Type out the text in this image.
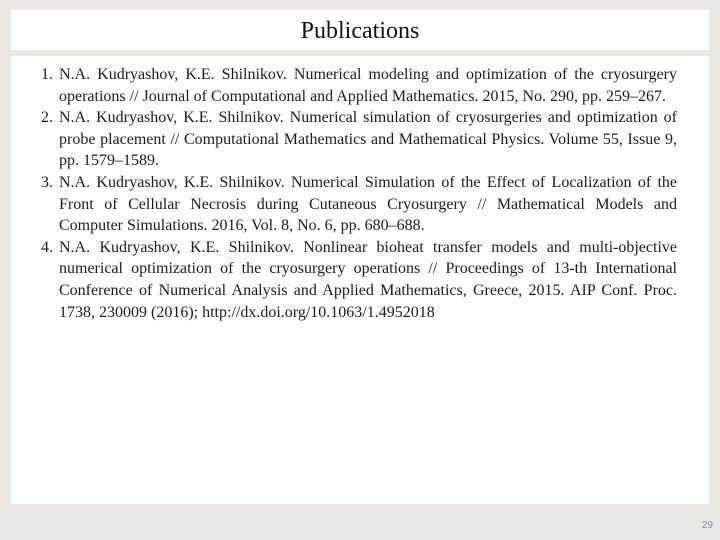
Publications
1. N.A. Kudryashov, K.E. Shilnikov. Numerical modeling and optimization of the cryosurgery operations // Journal of Computational and Applied Mathematics. 2015, No. 290, pp. 259–267.
2. N.A. Kudryashov, K.E. Shilnikov. Numerical simulation of cryosurgeries and optimization of probe placement // Computational Mathematics and Mathematical Physics. Volume 55, Issue 9, pp. 1579–1589.
3. N.A. Kudryashov, K.E. Shilnikov. Numerical Simulation of the Effect of Localization of the Front of Cellular Necrosis during Cutaneous Cryosurgery // Mathematical Models and Computer Simulations. 2016, Vol. 8, No. 6, pp. 680–688.
4. N.A. Kudryashov, K.E. Shilnikov. Nonlinear bioheat transfer models and multi-objective numerical optimization of the cryosurgery operations // Proceedings of 13-th International Conference of Numerical Analysis and Applied Mathematics, Greece, 2015. AIP Conf. Proc. 1738, 230009 (2016); http://dx.doi.org/10.1063/1.4952018
29
